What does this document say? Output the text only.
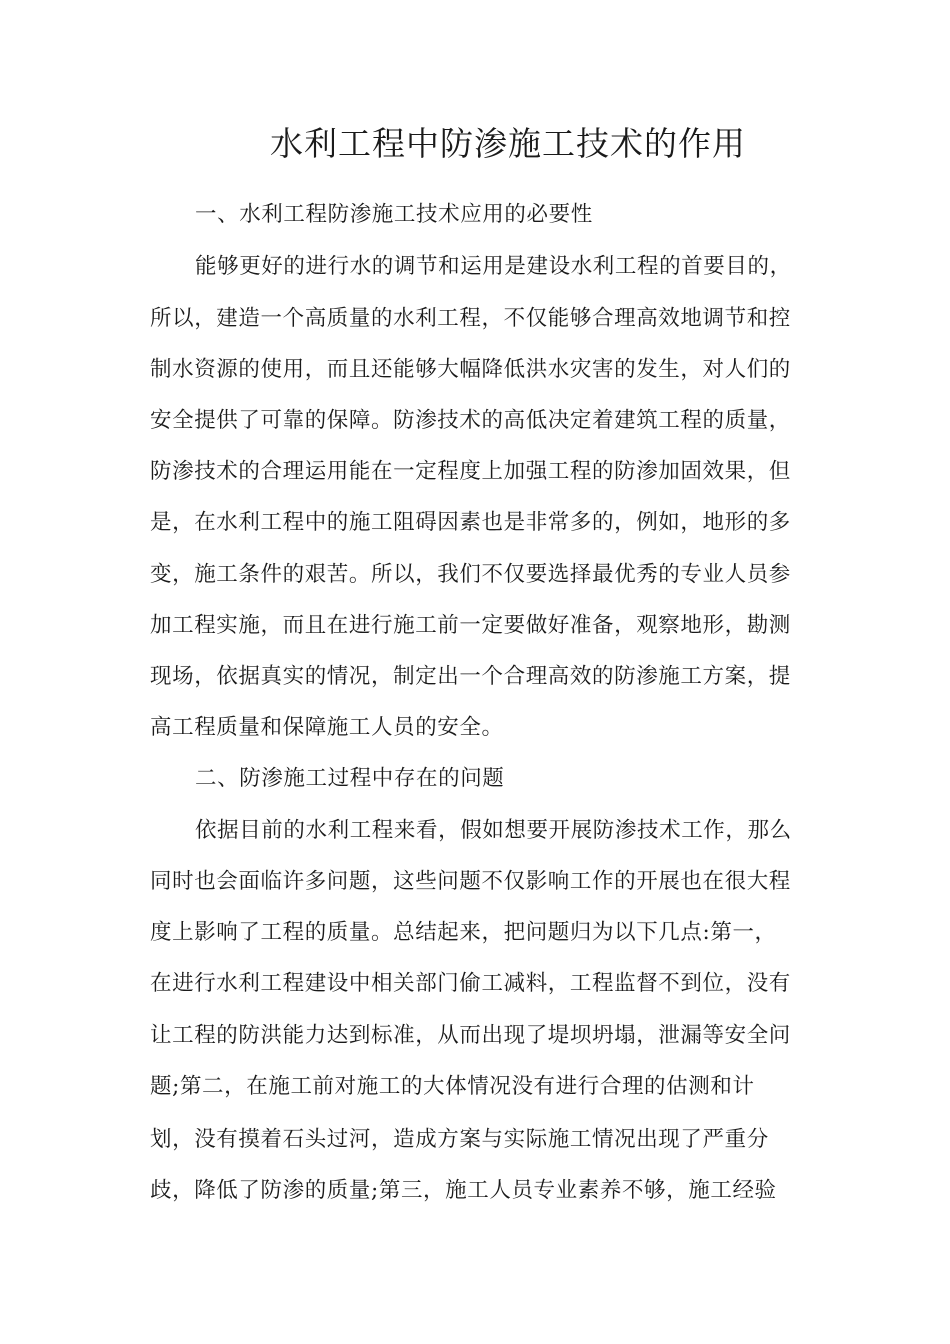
水利工程中防渗施工技术的作用
一、水利工程防渗施工技术应用的必要性
能够更好的进行水的调节和运用是建设水利工程的首要目的，
所以，建造一个高质量的水利工程，不仅能够合理高效地调节和控
制水资源的使用，而且还能够大幅降低洪水灾害的发生，对人们的
安全提供了可靠的保障。防渗技术的高低决定着建筑工程的质量，
防渗技术的合理运用能在一定程度上加强工程的防渗加固效果，但
是，在水利工程中的施工阻碍因素也是非常多的，例如，地形的多
变，施工条件的艰苦。所以，我们不仅要选择最优秀的专业人员参
加工程实施，而且在进行施工前一定要做好准备，观察地形，勘测
现场，依据真实的情况，制定出一个合理高效的防渗施工方案，提
高工程质量和保障施工人员的安全。
二、防渗施工过程中存在的问题
依据目前的水利工程来看，假如想要开展防渗技术工作，那么
同时也会面临许多问题，这些问题不仅影响工作的开展也在很大程
度上影响了工程的质量。总结起来，把问题归为以下几点:第一，
在进行水利工程建设中相关部门偷工减料，工程监督不到位，没有
让工程的防洪能力达到标准，从而出现了堤坝坍塌，泄漏等安全问
题;第二，在施工前对施工的大体情况没有进行合理的估测和计
划，没有摸着石头过河，造成方案与实际施工情况出现了严重分
歧，降低了防渗的质量;第三，施工人员专业素养不够，施工经验
